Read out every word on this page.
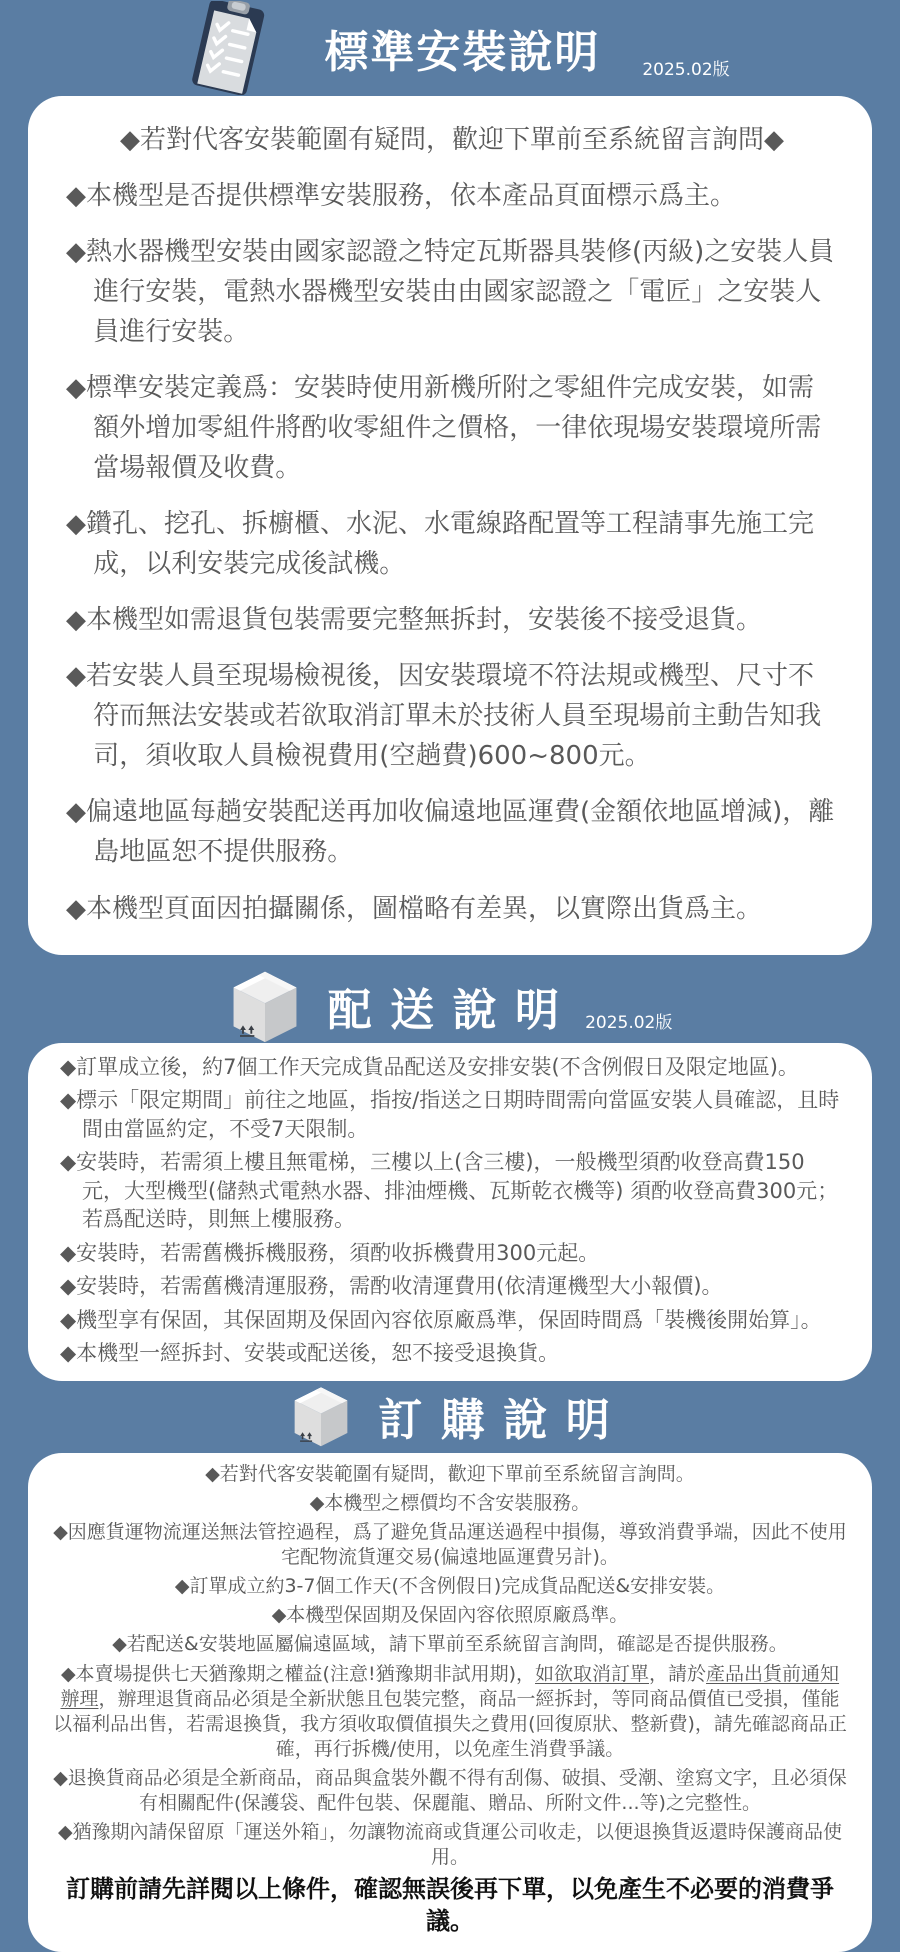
標準安裝說明 2025.02版

◆若對代客安裝範圍有疑問，歡迎下單前至系統留言詢問◆

◆本機型是否提供標準安裝服務，依本產品頁面標示爲主。

◆熱水器機型安裝由國家認證之特定瓦斯器具裝修(丙級)之安裝人員進行安裝，電熱水器機型安裝由由國家認證之「電匠」之安裝人員進行安裝。

◆標準安裝定義爲：安裝時使用新機所附之零組件完成安裝，如需額外增加零組件將酌收零組件之價格，一律依現場安裝環境所需當場報價及收費。

◆鑽孔、挖孔、拆櫥櫃、水泥、水電線路配置等工程請事先施工完成，以利安裝完成後試機。

◆本機型如需退貨包裝需要完整無拆封，安裝後不接受退貨。

◆若安裝人員至現場檢視後，因安裝環境不符法規或機型、尺寸不符而無法安裝或若欲取消訂單未於技術人員至現場前主動告知我司，須收取人員檢視費用(空趟費)600~800元。

◆偏遠地區每趟安裝配送再加收偏遠地區運費(金額依地區增減)，離島地區恕不提供服務。

◆本機型頁面因拍攝關係，圖檔略有差異，以實際出貨爲主。

配送說明 2025.02版

◆訂單成立後，約7個工作天完成貨品配送及安排安裝(不含例假日及限定地區)。

◆標示「限定期間」前往之地區，指按/指送之日期時間需向當區安裝人員確認，且時間由當區約定，不受7天限制。

◆安裝時，若需須上樓且無電梯，三樓以上(含三樓)，一般機型須酌收登高費150元，大型機型(儲熱式電熱水器、排油煙機、瓦斯乾衣機等) 須酌收登高費300元；若爲配送時，則無上樓服務。

◆安裝時，若需舊機拆機服務，須酌收拆機費用300元起。

◆安裝時，若需舊機清運服務，需酌收清運費用(依清運機型大小報價)。

◆機型享有保固，其保固期及保固內容依原廠爲準，保固時間爲「裝機後開始算」。

◆本機型一經拆封、安裝或配送後，恕不接受退換貨。

訂購說明

◆若對代客安裝範圍有疑問，歡迎下單前至系統留言詢問。

◆本機型之標價均不含安裝服務。

◆因應貨運物流運送無法管控過程，爲了避免貨品運送過程中損傷，導致消費爭端，因此不使用宅配物流貨運交易(偏遠地區運費另計)。

◆訂單成立約3-7個工作天(不含例假日)完成貨品配送&安排安裝。

◆本機型保固期及保固內容依照原廠爲準。

◆若配送&安裝地區屬偏遠區域，請下單前至系統留言詢問，確認是否提供服務。

◆本賣場提供七天猶豫期之權益(注意!猶豫期非試用期)，如欲取消訂單，請於產品出貨前通知辦理，辦理退貨商品必須是全新狀態且包裝完整，商品一經拆封，等同商品價值已受損，僅能以福利品出售，若需退換貨，我方須收取價值損失之費用(回復原狀、整新費)，請先確認商品正確，再行拆機/使用，以免產生消費爭議。

◆退換貨商品必須是全新商品，商品與盒裝外觀不得有刮傷、破損、受潮、塗寫文字，且必須保有相關配件(保護袋、配件包裝、保麗龍、贈品、所附文件...等)之完整性。

◆猶豫期內請保留原「運送外箱」，勿讓物流商或貨運公司收走，以便退換貨返還時保護商品使用。

訂購前請先詳閱以上條件，確認無誤後再下單，以免產生不必要的消費爭議。
